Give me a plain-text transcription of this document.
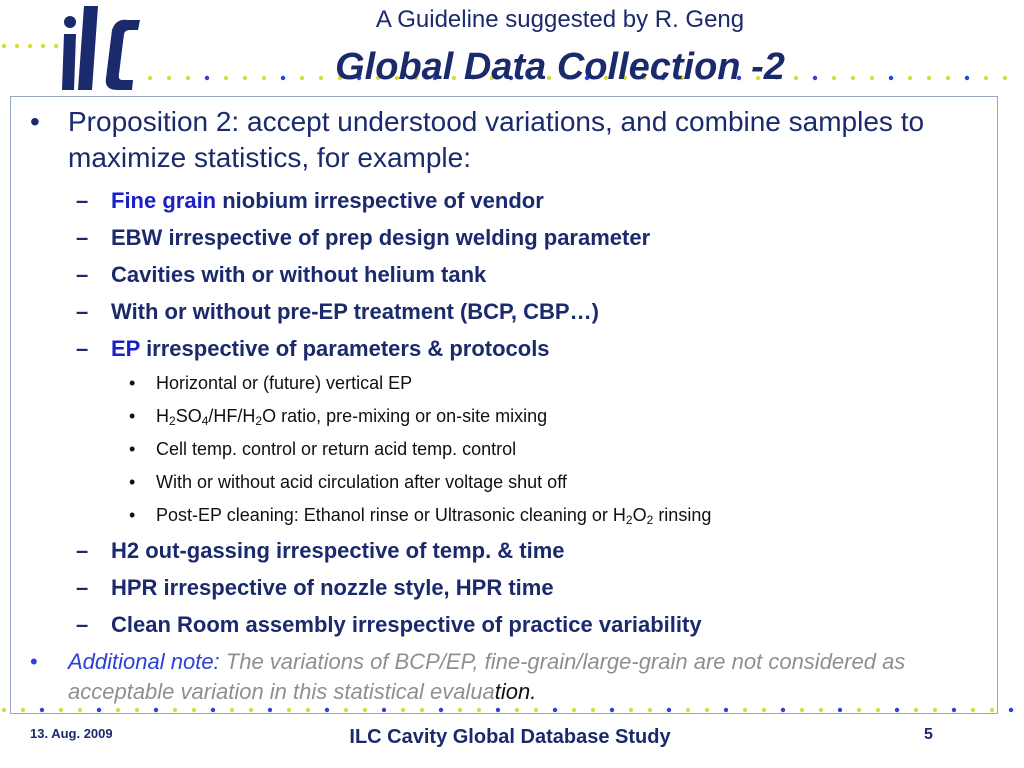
A Guideline suggested by R. Geng
Global Data Collection -2
• Proposition 2: accept understood variations, and combine samples to maximize statistics, for example:
– Fine grain niobium irrespective of vendor
– EBW irrespective of prep design welding parameter
– Cavities with or without helium tank
– With or without pre-EP treatment (BCP, CBP…)
– EP irrespective of parameters & protocols
• Horizontal or (future) vertical EP
• $H_2SO_4/HF/H_2O$ ratio, pre-mixing or on-site mixing
• Cell temp. control or return acid temp. control
• With or without acid circulation after voltage shut off
• Post-EP cleaning: Ethanol rinse or Ultrasonic cleaning or $H_2O_2$ rinsing
– H2 out-gassing irrespective of temp. & time
– HPR irrespective of nozzle style, HPR time
– Clean Room assembly irrespective of practice variability
• Additional note: The variations of BCP/EP, fine-grain/large-grain are not considered as acceptable variation in this statistical evaluation.
13. Aug. 2009	ILC Cavity Global Database Study	5
